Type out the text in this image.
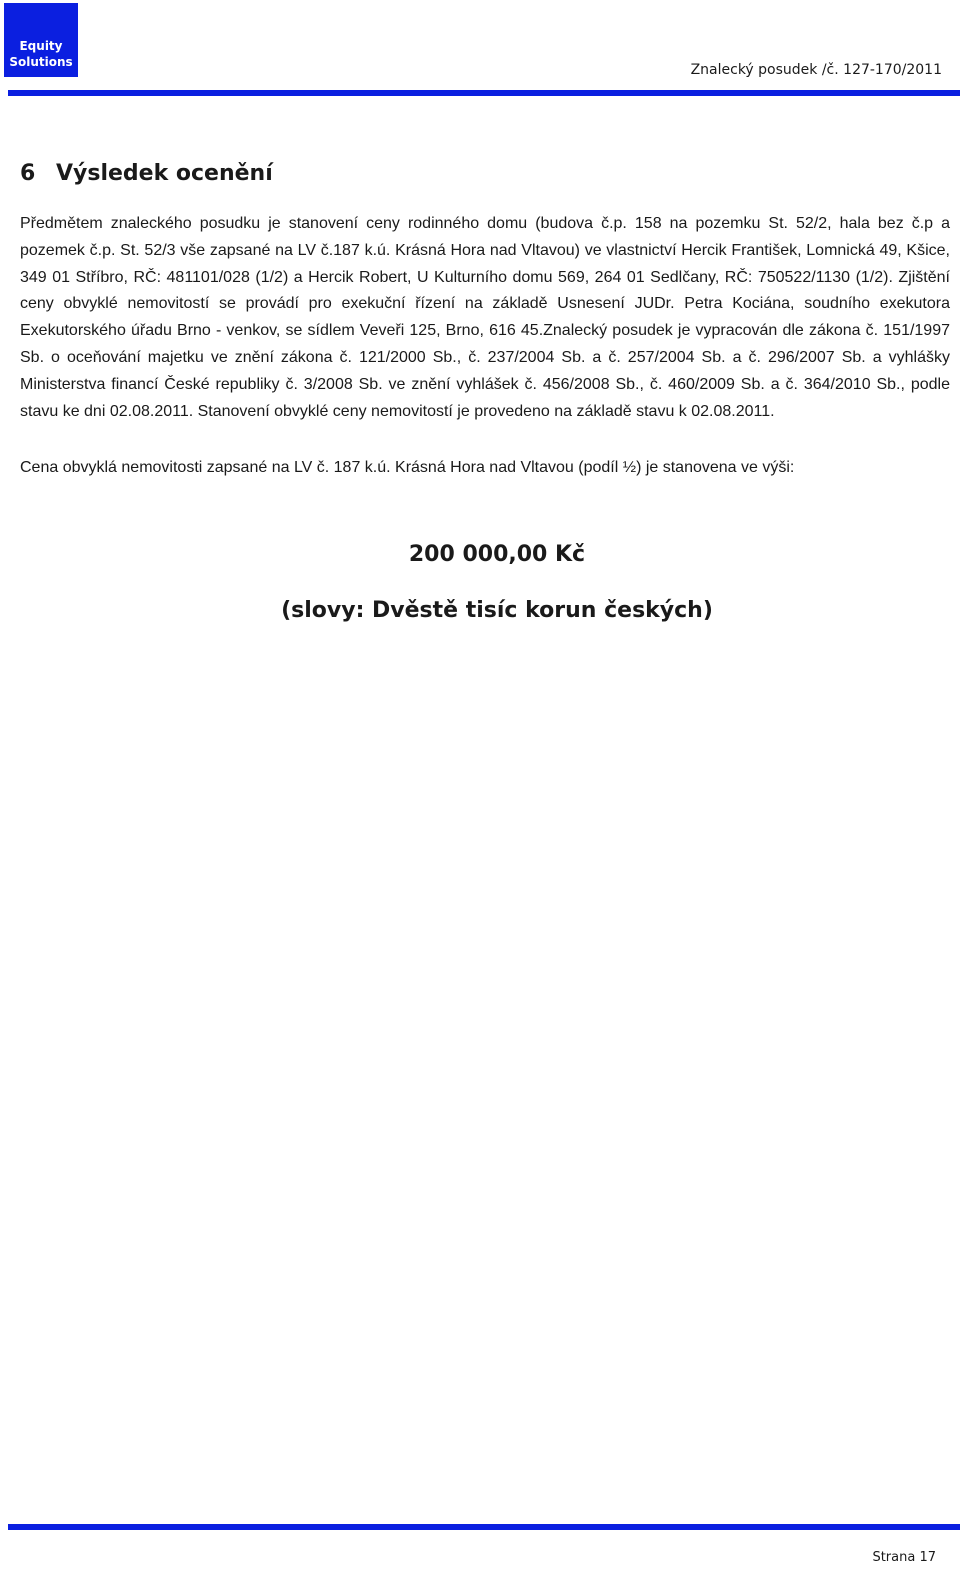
Equity
Solutions	Znalecký posudek /č. 127-170/2011
6 Výsledek ocenění

Předmětem znaleckého posudku je stanovení ceny rodinného domu (budova č.p. 158 na pozemku St. 52/2, hala bez č.p a pozemek č.p. St. 52/3 vše zapsané na LV č.187 k.ú. Krásná Hora nad Vltavou) ve vlastnictví Hercik František, Lomnická 49, Kšice, 349 01 Stříbro, RČ: 481101/028 (1/2) a Hercik Robert, U Kulturního domu 569, 264 01 Sedlčany, RČ: 750522/1130 (1/2). Zjištění ceny obvyklé nemovitostí se provádí pro exekuční řízení na základě Usnesení JUDr. Petra Kociána, soudního exekutora Exekutorského úřadu Brno - venkov, se sídlem Veveři 125, Brno, 616 45.Znalecký posudek je vypracován dle zákona č. 151/1997 Sb. o oceňování majetku ve znění zákona č. 121/2000 Sb., č. 237/2004 Sb. a č. 257/2004 Sb. a č. 296/2007 Sb. a vyhlášky Ministerstva financí České republiky č. 3/2008 Sb. ve znění vyhlášek č. 456/2008 Sb., č. 460/2009 Sb. a č. 364/2010 Sb., podle stavu ke dni 02.08.2011. Stanovení obvyklé ceny nemovitostí je provedeno na základě stavu k 02.08.2011.

Cena obvyklá nemovitosti zapsané na LV č. 187 k.ú. Krásná Hora nad Vltavou (podíl ½) je stanovena ve výši:

200 000,00 Kč
(slovy: Dvěstě tisíc korun českých)
Strana 17
